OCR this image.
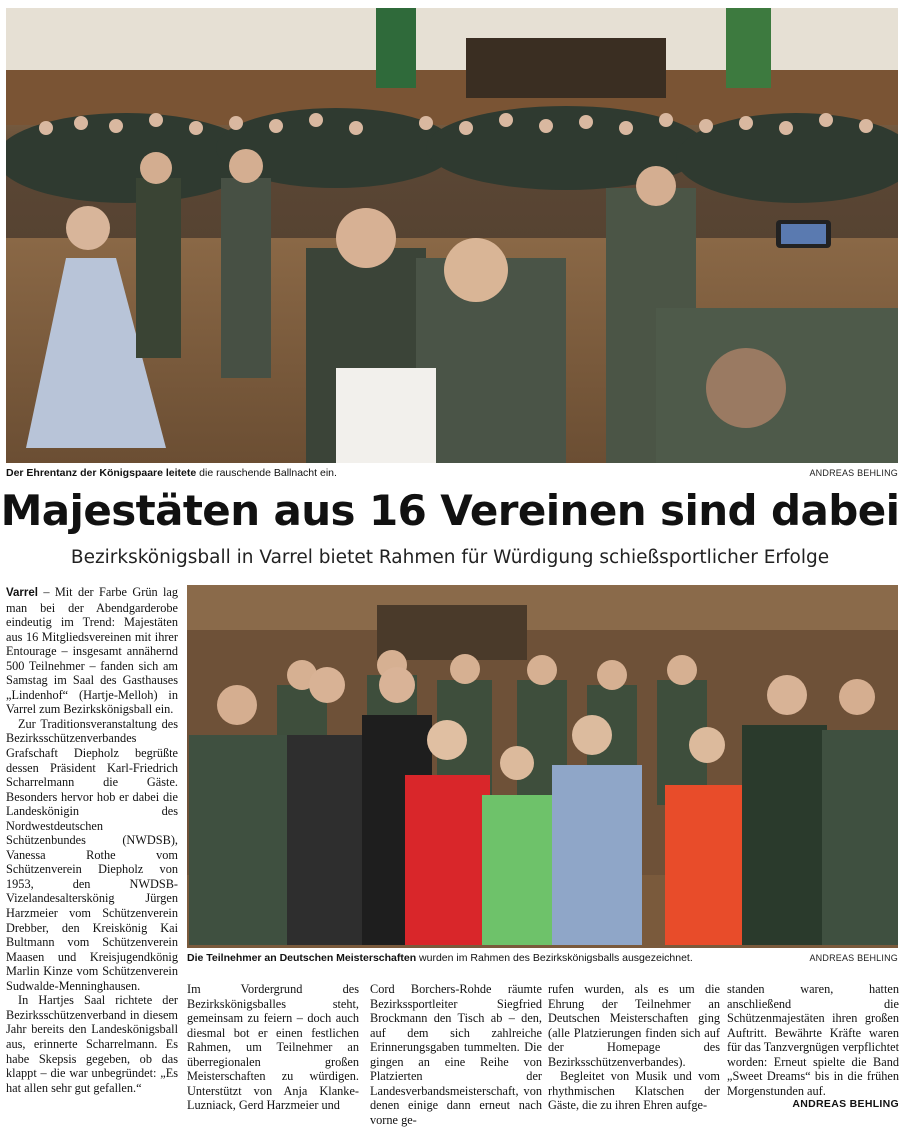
Der Ehrentanz der Königspaare leitete die rauschende Ballnacht ein.	ANDREAS BEHLING
Majestäten aus 16 Vereinen sind dabei
Bezirkskönigsball in Varrel bietet Rahmen für Würdigung schießsportlicher Erfolge

Varrel – Mit der Farbe Grün lag man bei der Abendgarderobe eindeutig im Trend: Majestäten aus 16 Mitgliedsvereinen mit ihrer Entourage – insgesamt annähernd 500 Teilnehmer – fanden sich am Samstag im Saal des Gasthauses „Lindenhof“ (Hartje-Melloh) in Varrel zum Bezirkskönigsball ein.

Zur Traditionsveranstaltung des Bezirksschützenverbandes Grafschaft Diepholz begrüßte dessen Präsident Karl-Friedrich Scharrelmann die Gäste. Besonders hervor hob er dabei die Landeskönigin des Nordwestdeutschen Schützenbundes (NWDSB), Vanessa Rothe vom Schützenverein Diepholz von 1953, den NWDSB-Vizelandesalterskönig Jürgen Harzmeier vom Schützenverein Drebber, den Kreiskönig Kai Bultmann vom Schützenverein Maasen und Kreisjugendkönig Marlin Kinze vom Schützenverein Sudwalde-Menninghausen.

In Hartjes Saal richtete der Bezirksschützenverband in diesem Jahr bereits den Landeskönigsball aus, erinnerte Scharrelmann. Es habe Skepsis gegeben, ob das klappt – die war unbegründet: „Es hat allen sehr gut gefallen.“

Die Teilnehmer an Deutschen Meisterschaften wurden im Rahmen des Bezirkskönigsballs ausgezeichnet.	ANDREAS BEHLING

Im Vordergrund des Bezirkskönigsballes steht, gemeinsam zu feiern – doch auch diesmal bot er einen festlichen Rahmen, um Teilnehmer an überregionalen großen Meisterschaften zu würdigen. Unterstützt von Anja Klanke-Luzniack, Gerd Harzmeier und

Cord Borchers-Rohde räumte Bezirkssportleiter Siegfried Brockmann den Tisch ab – den, auf dem sich zahlreiche Erinnerungsgaben tummelten. Die gingen an eine Reihe von Platzierten der Landesverbandsmeisterschaft, von denen einige dann erneut nach vorne ge-

rufen wurden, als es um die Ehrung der Teilnehmer an Deutschen Meisterschaften ging (alle Platzierungen finden sich auf der Homepage des Bezirksschützenverbandes).

Begleitet von Musik und vom rhythmischen Klatschen der Gäste, die zu ihren Ehren aufge-

standen waren, hatten anschließend die Schützenmajestäten ihren großen Auftritt. Bewährte Kräfte waren für das Tanzvergnügen verpflichtet worden: Erneut spielte die Band „Sweet Dreams“ bis in die frühen Morgenstunden auf.

ANDREAS BEHLING
